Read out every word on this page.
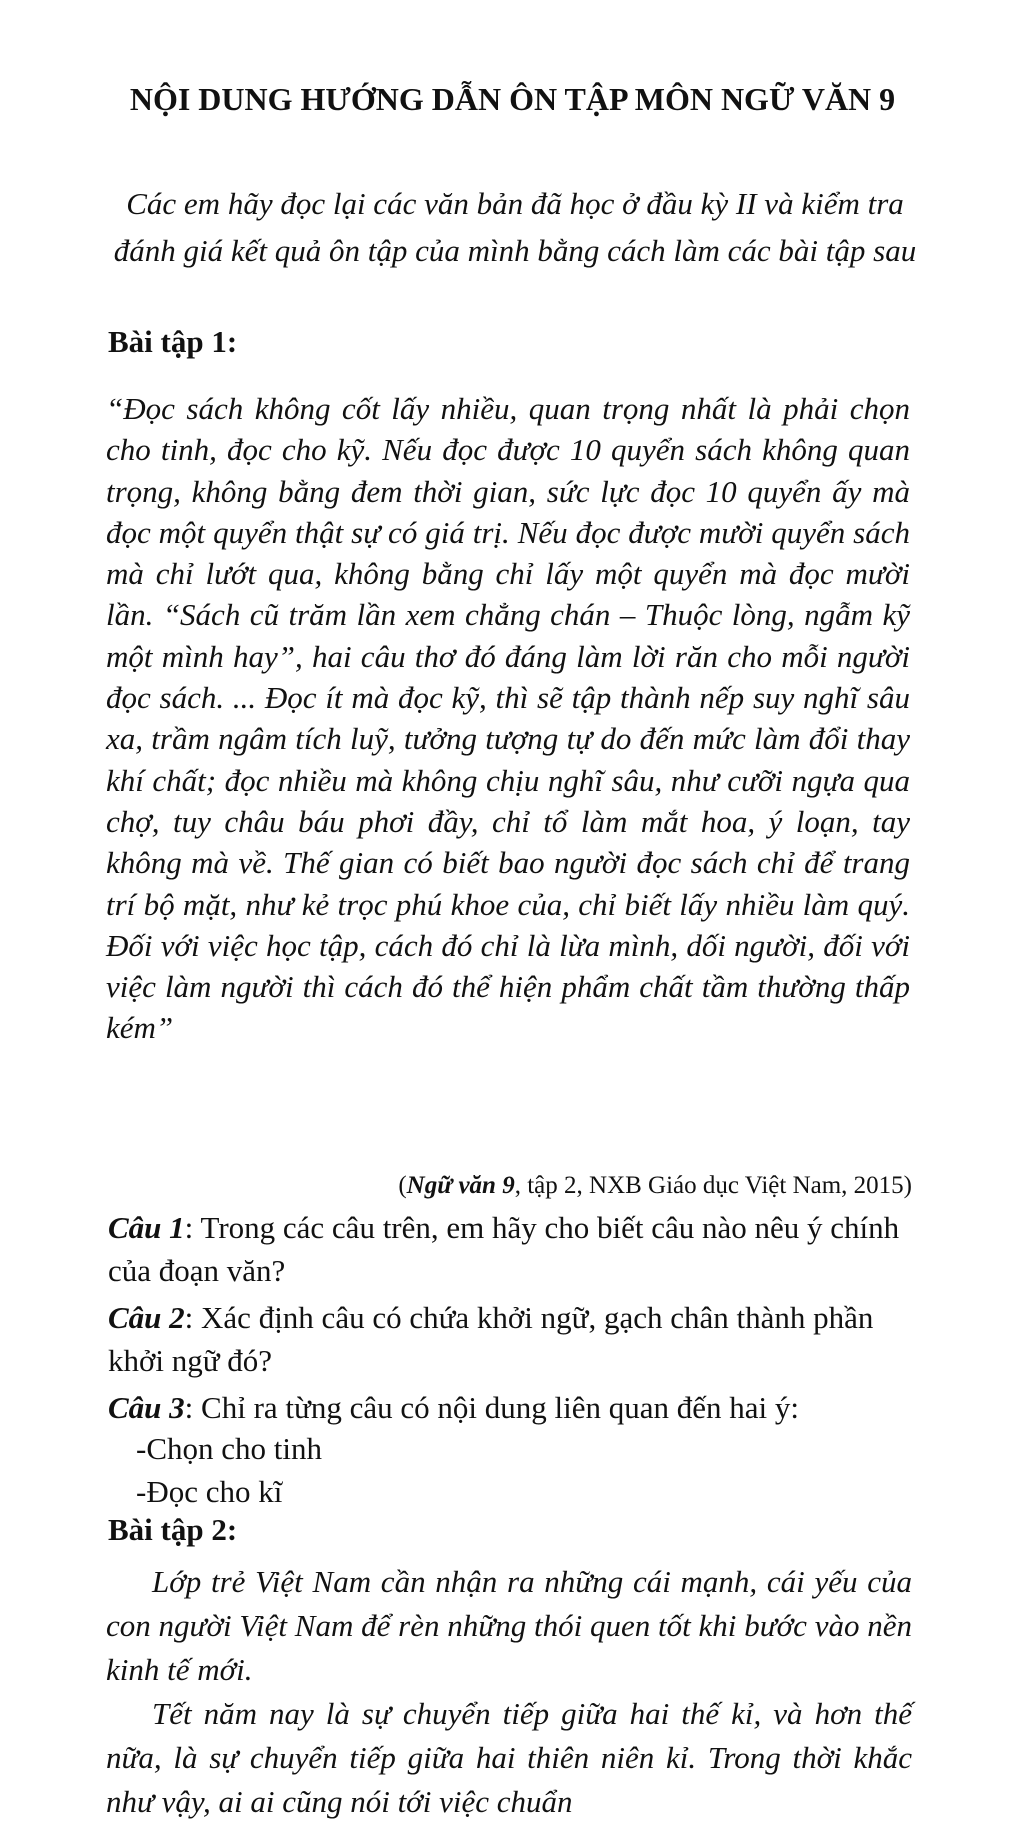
NỘI DUNG HƯỚNG DẪN ÔN TẬP MÔN NGỮ VĂN 9

Các em hãy đọc lại các văn bản đã học ở đầu kỳ II và kiểm tra đánh giá kết quả ôn tập của mình bằng cách làm các bài tập sau

Bài tập 1:

“Đọc sách không cốt lấy nhiều, quan trọng nhất là phải chọn cho tinh, đọc cho kỹ. Nếu đọc được 10 quyển sách không quan trọng, không bằng đem thời gian, sức lực đọc 10 quyển ấy mà đọc một quyển thật sự có giá trị. Nếu đọc được mười quyển sách mà chỉ lướt qua, không bằng chỉ lấy một quyển mà đọc mười lần. “Sách cũ trăm lần xem chẳng chán – Thuộc lòng, ngẫm kỹ một mình hay”, hai câu thơ đó đáng làm lời răn cho mỗi người đọc sách. ... Đọc ít mà đọc kỹ, thì sẽ tập thành nếp suy nghĩ sâu xa, trầm ngâm tích luỹ, tưởng tượng tự do đến mức làm đổi thay khí chất; đọc nhiều mà không chịu nghĩ sâu, như cưỡi ngựa qua chợ, tuy châu báu phơi đầy, chỉ tổ làm mắt hoa, ý loạn, tay không mà về. Thế gian có biết bao người đọc sách chỉ để trang trí bộ mặt, như kẻ trọc phú khoe của, chỉ biết lấy nhiều làm quý. Đối với việc học tập, cách đó chỉ là lừa mình, dối người, đối với việc làm người thì cách đó thể hiện phẩm chất tầm thường thấp kém”

(Ngữ văn 9, tập 2, NXB Giáo dục Việt Nam, 2015)

Câu 1: Trong các câu trên, em hãy cho biết câu nào nêu ý chính của đoạn văn?

Câu 2: Xác định câu có chứa khởi ngữ, gạch chân thành phần khởi ngữ đó?

Câu 3: Chỉ ra từng câu có nội dung liên quan đến hai ý:

-Chọn cho tinh

-Đọc cho kĩ

Bài tập 2:
Lớp trẻ Việt Nam cần nhận ra những cái mạnh, cái yếu của con người Việt Nam để rèn những thói quen tốt khi bước vào nền kinh tế mới.
Tết năm nay là sự chuyển tiếp giữa hai thế kỉ, và hơn thế nữa, là sự chuyển tiếp giữa hai thiên niên kỉ. Trong thời khắc như vậy, ai ai cũng nói tới việc chuẩn
